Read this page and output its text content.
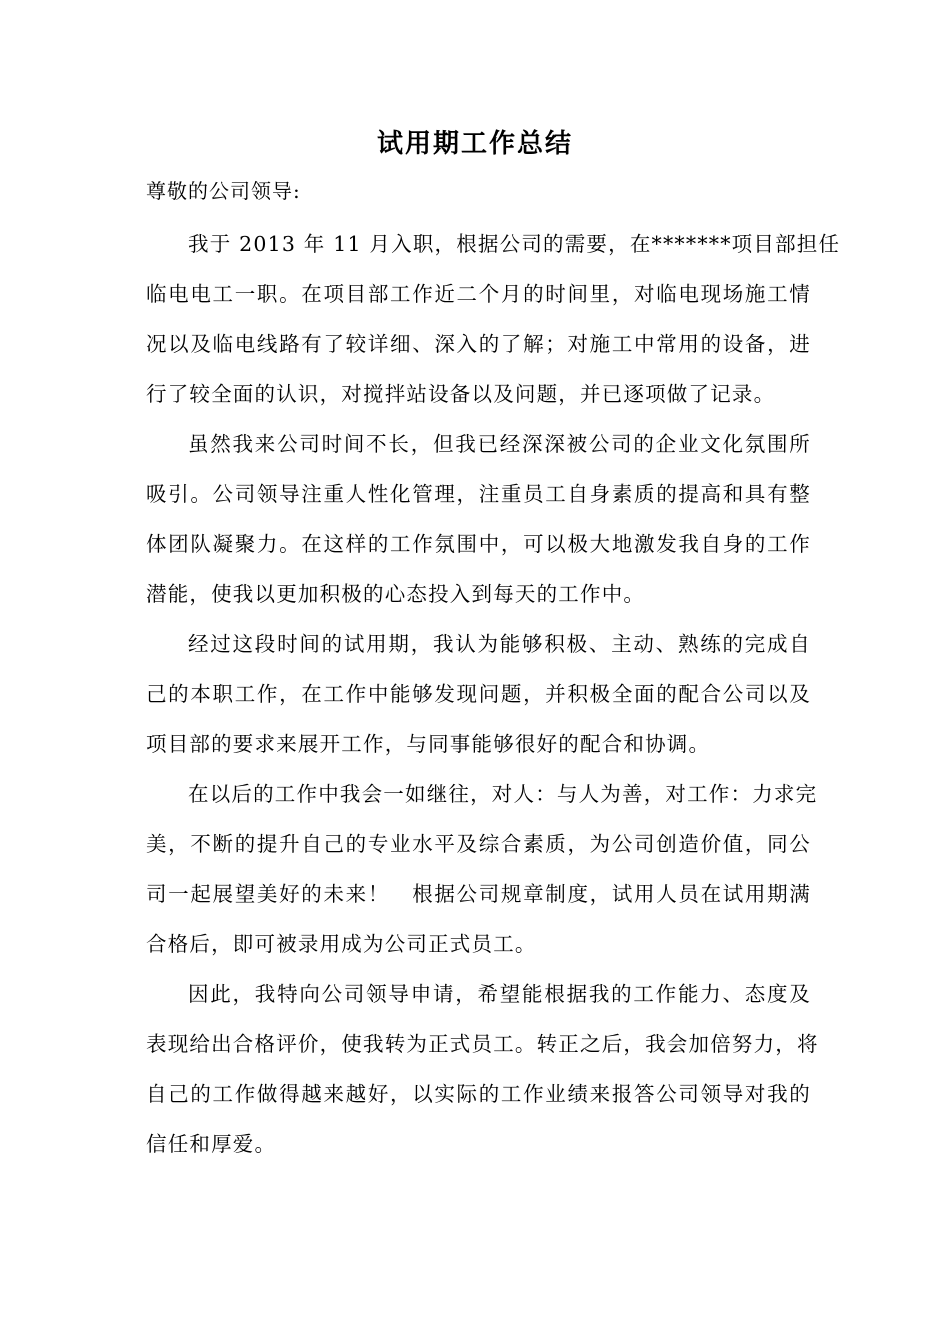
试用期工作总结
尊敬的公司领导:
我于 2013 年 11 月入职，根据公司的需要，在*******项目部担任
临电电工一职。在项目部工作近二个月的时间里，对临电现场施工情
况以及临电线路有了较详细、深入的了解；对施工中常用的设备，进
行了较全面的认识，对搅拌站设备以及问题，并已逐项做了记录。
虽然我来公司时间不长，但我已经深深被公司的企业文化氛围所
吸引。公司领导注重人性化管理，注重员工自身素质的提高和具有整
体团队凝聚力。在这样的工作氛围中，可以极大地激发我自身的工作
潜能，使我以更加积极的心态投入到每天的工作中。
经过这段时间的试用期，我认为能够积极、主动、熟练的完成自
己的本职工作，在工作中能够发现问题，并积极全面的配合公司以及
项目部的要求来展开工作，与同事能够很好的配合和协调。
在以后的工作中我会一如继往，对人：与人为善，对工作：力求完
美，不断的提升自己的专业水平及综合素质，为公司创造价值，同公
司一起展望美好的未来！　根据公司规章制度，试用人员在试用期满
合格后，即可被录用成为公司正式员工。
因此，我特向公司领导申请，希望能根据我的工作能力、态度及
表现给出合格评价，使我转为正式员工。转正之后，我会加倍努力，将
自己的工作做得越来越好，以实际的工作业绩来报答公司领导对我的
信任和厚爱。
